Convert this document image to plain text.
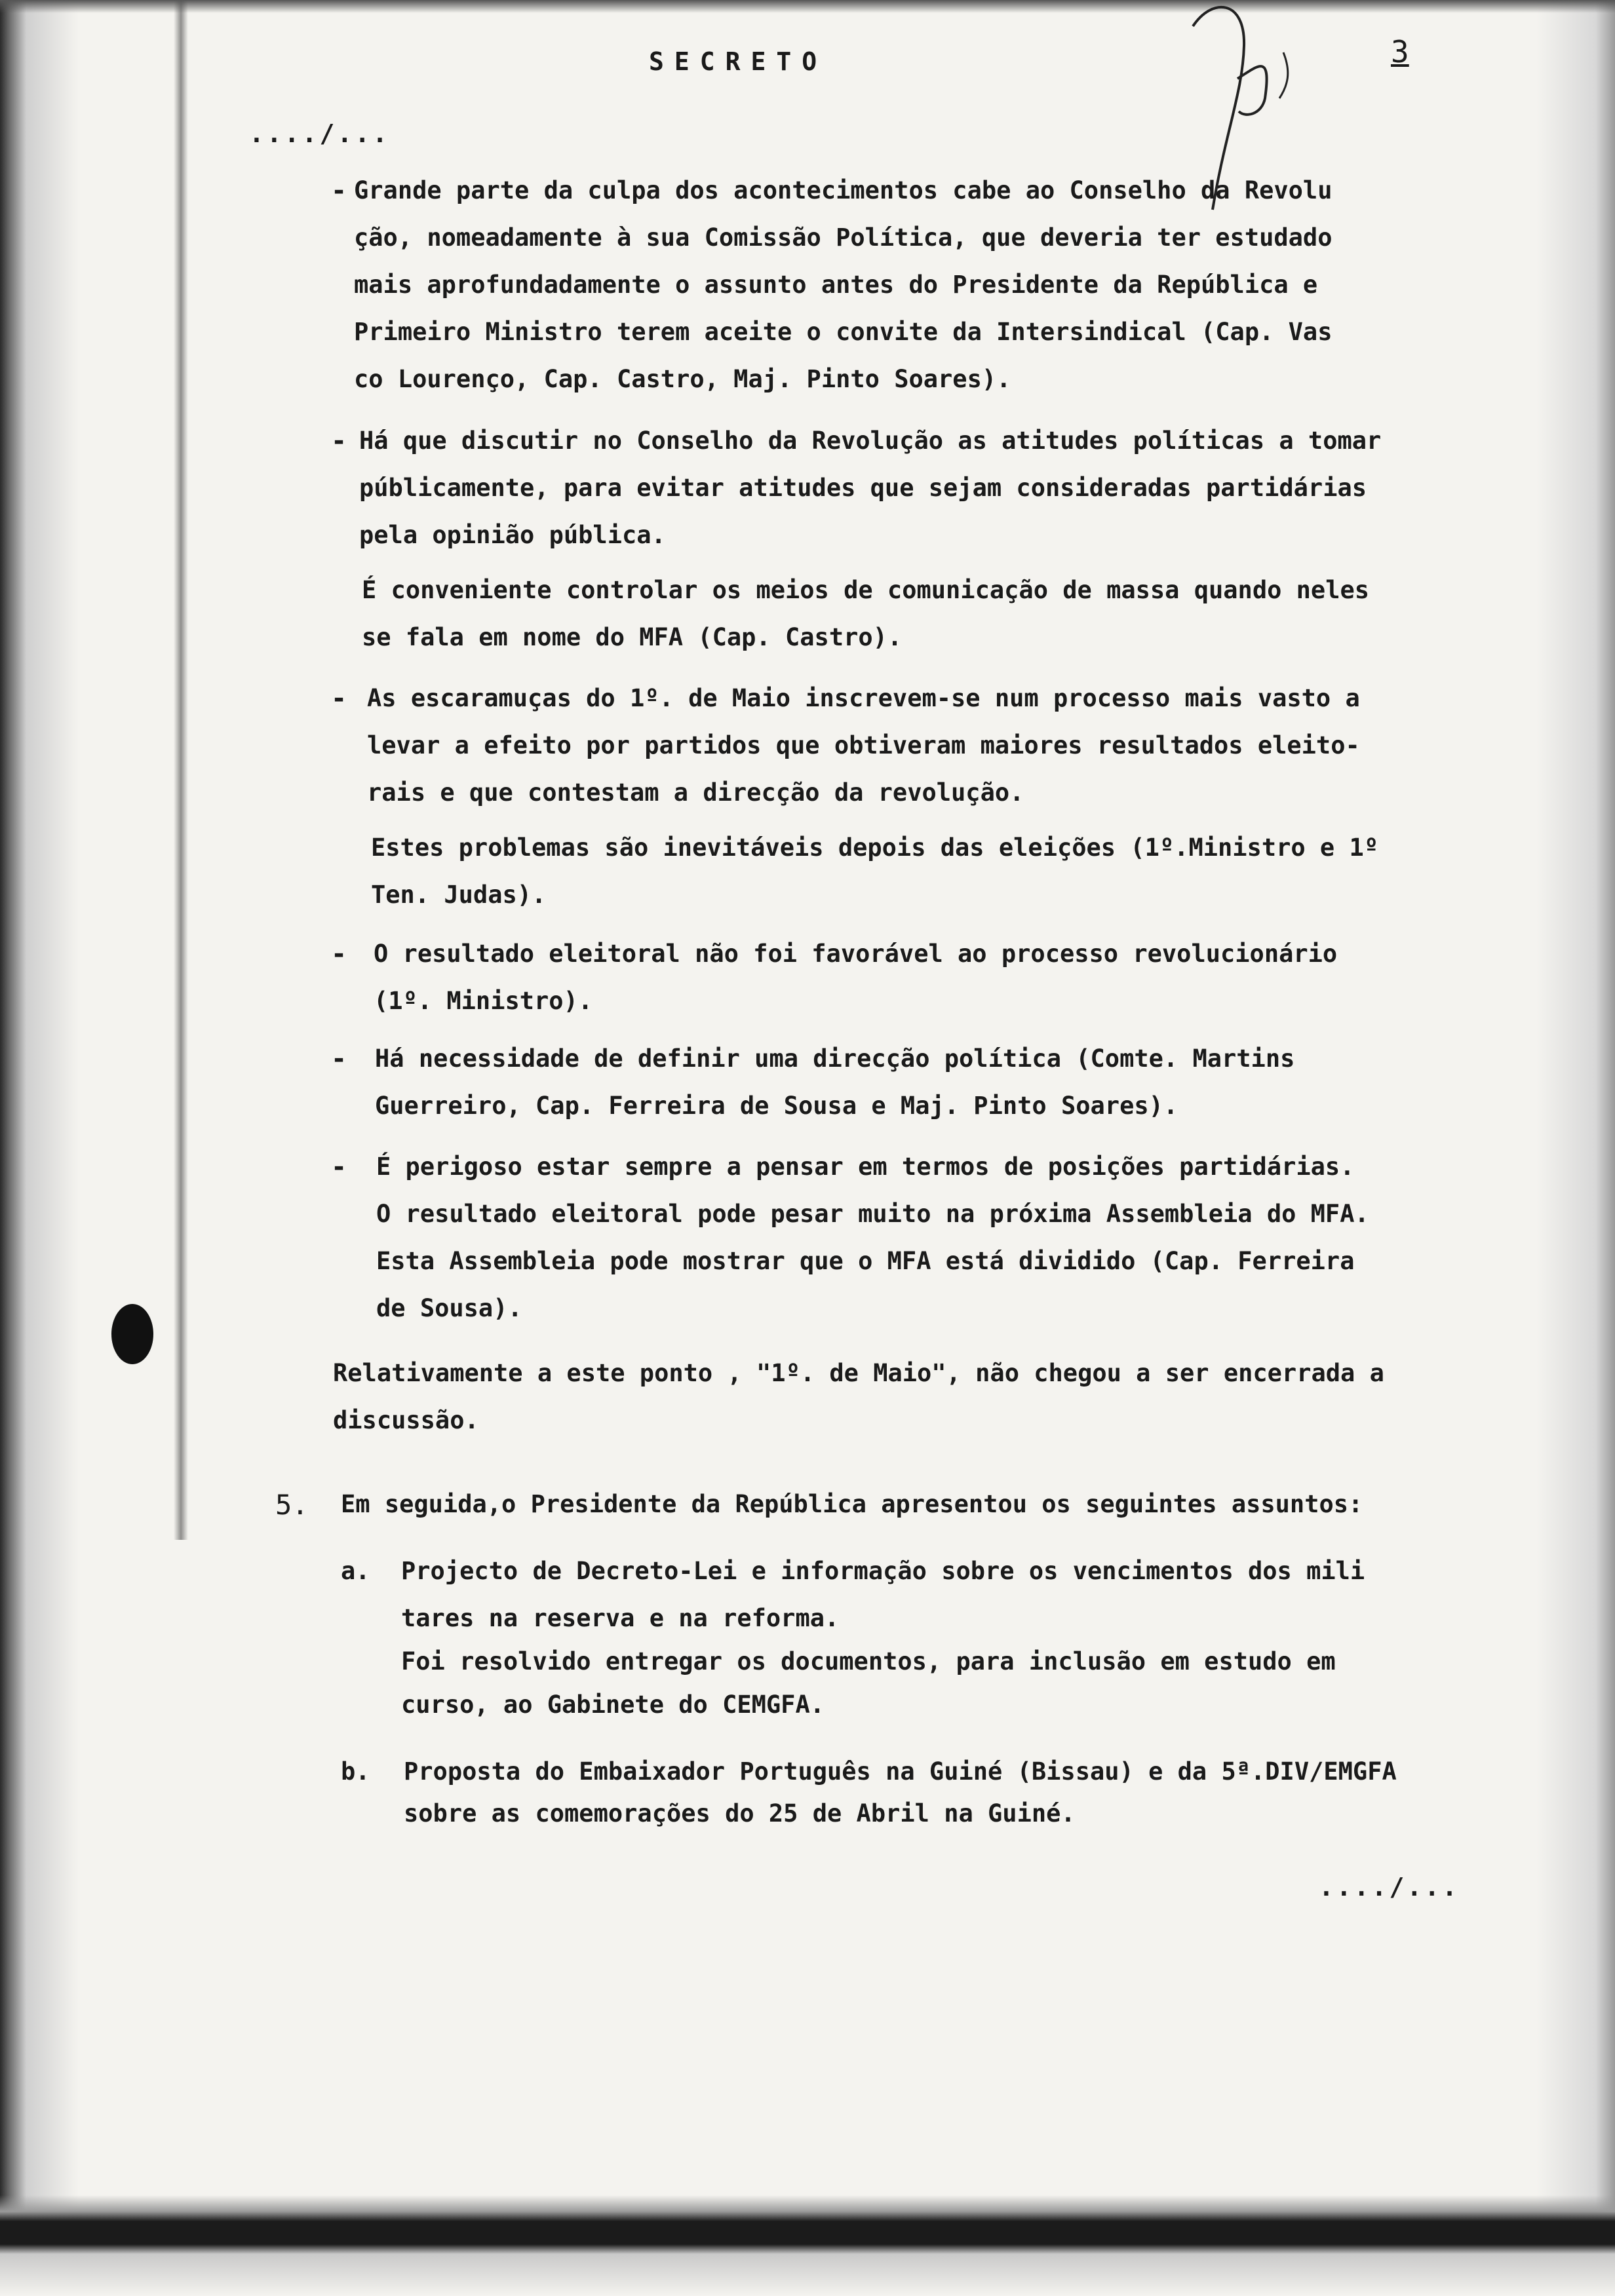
SECRETO	3
..../...
- Grande parte da culpa dos acontecimentos cabe ao Conselho da Revolu
ção, nomeadamente à sua Comissão Política, que deveria ter estudado
mais aprofundadamente o assunto antes do Presidente da República e
Primeiro Ministro terem aceite o convite da Intersindical (Cap. Vas
co Lourenço, Cap. Castro, Maj. Pinto Soares).
- Há que discutir no Conselho da Revolução as atitudes políticas a tomar
públicamente, para evitar atitudes que sejam consideradas partidárias
pela opinião pública.
É conveniente controlar os meios de comunicação de massa quando neles
se fala em nome do MFA (Cap. Castro).
- As escaramuças do 1º. de Maio inscrevem-se num processo mais vasto a
levar a efeito por partidos que obtiveram maiores resultados eleito-
rais e que contestam a direcção da revolução.
Estes problemas são inevitáveis depois das eleições (1º.Ministro e 1º
Ten. Judas).
- O resultado eleitoral não foi favorável ao processo revolucionário
(1º. Ministro).
- Há necessidade de definir uma direcção política (Comte. Martins
Guerreiro, Cap. Ferreira de Sousa e Maj. Pinto Soares).
- É perigoso estar sempre a pensar em termos de posições partidárias.
O resultado eleitoral pode pesar muito na próxima Assembleia do MFA.
Esta Assembleia pode mostrar que o MFA está dividido (Cap. Ferreira
de Sousa).
Relativamente a este ponto , "1º. de Maio", não chegou a ser encerrada a
discussão.
5. Em seguida,o Presidente da República apresentou os seguintes assuntos:
a. Projecto de Decreto-Lei e informação sobre os vencimentos dos mili
tares na reserva e na reforma.
Foi resolvido entregar os documentos, para inclusão em estudo em
curso, ao Gabinete do CEMGFA.
b. Proposta do Embaixador Português na Guiné (Bissau) e da 5ª.DIV/EMGFA
sobre as comemorações do 25 de Abril na Guiné.
..../...
